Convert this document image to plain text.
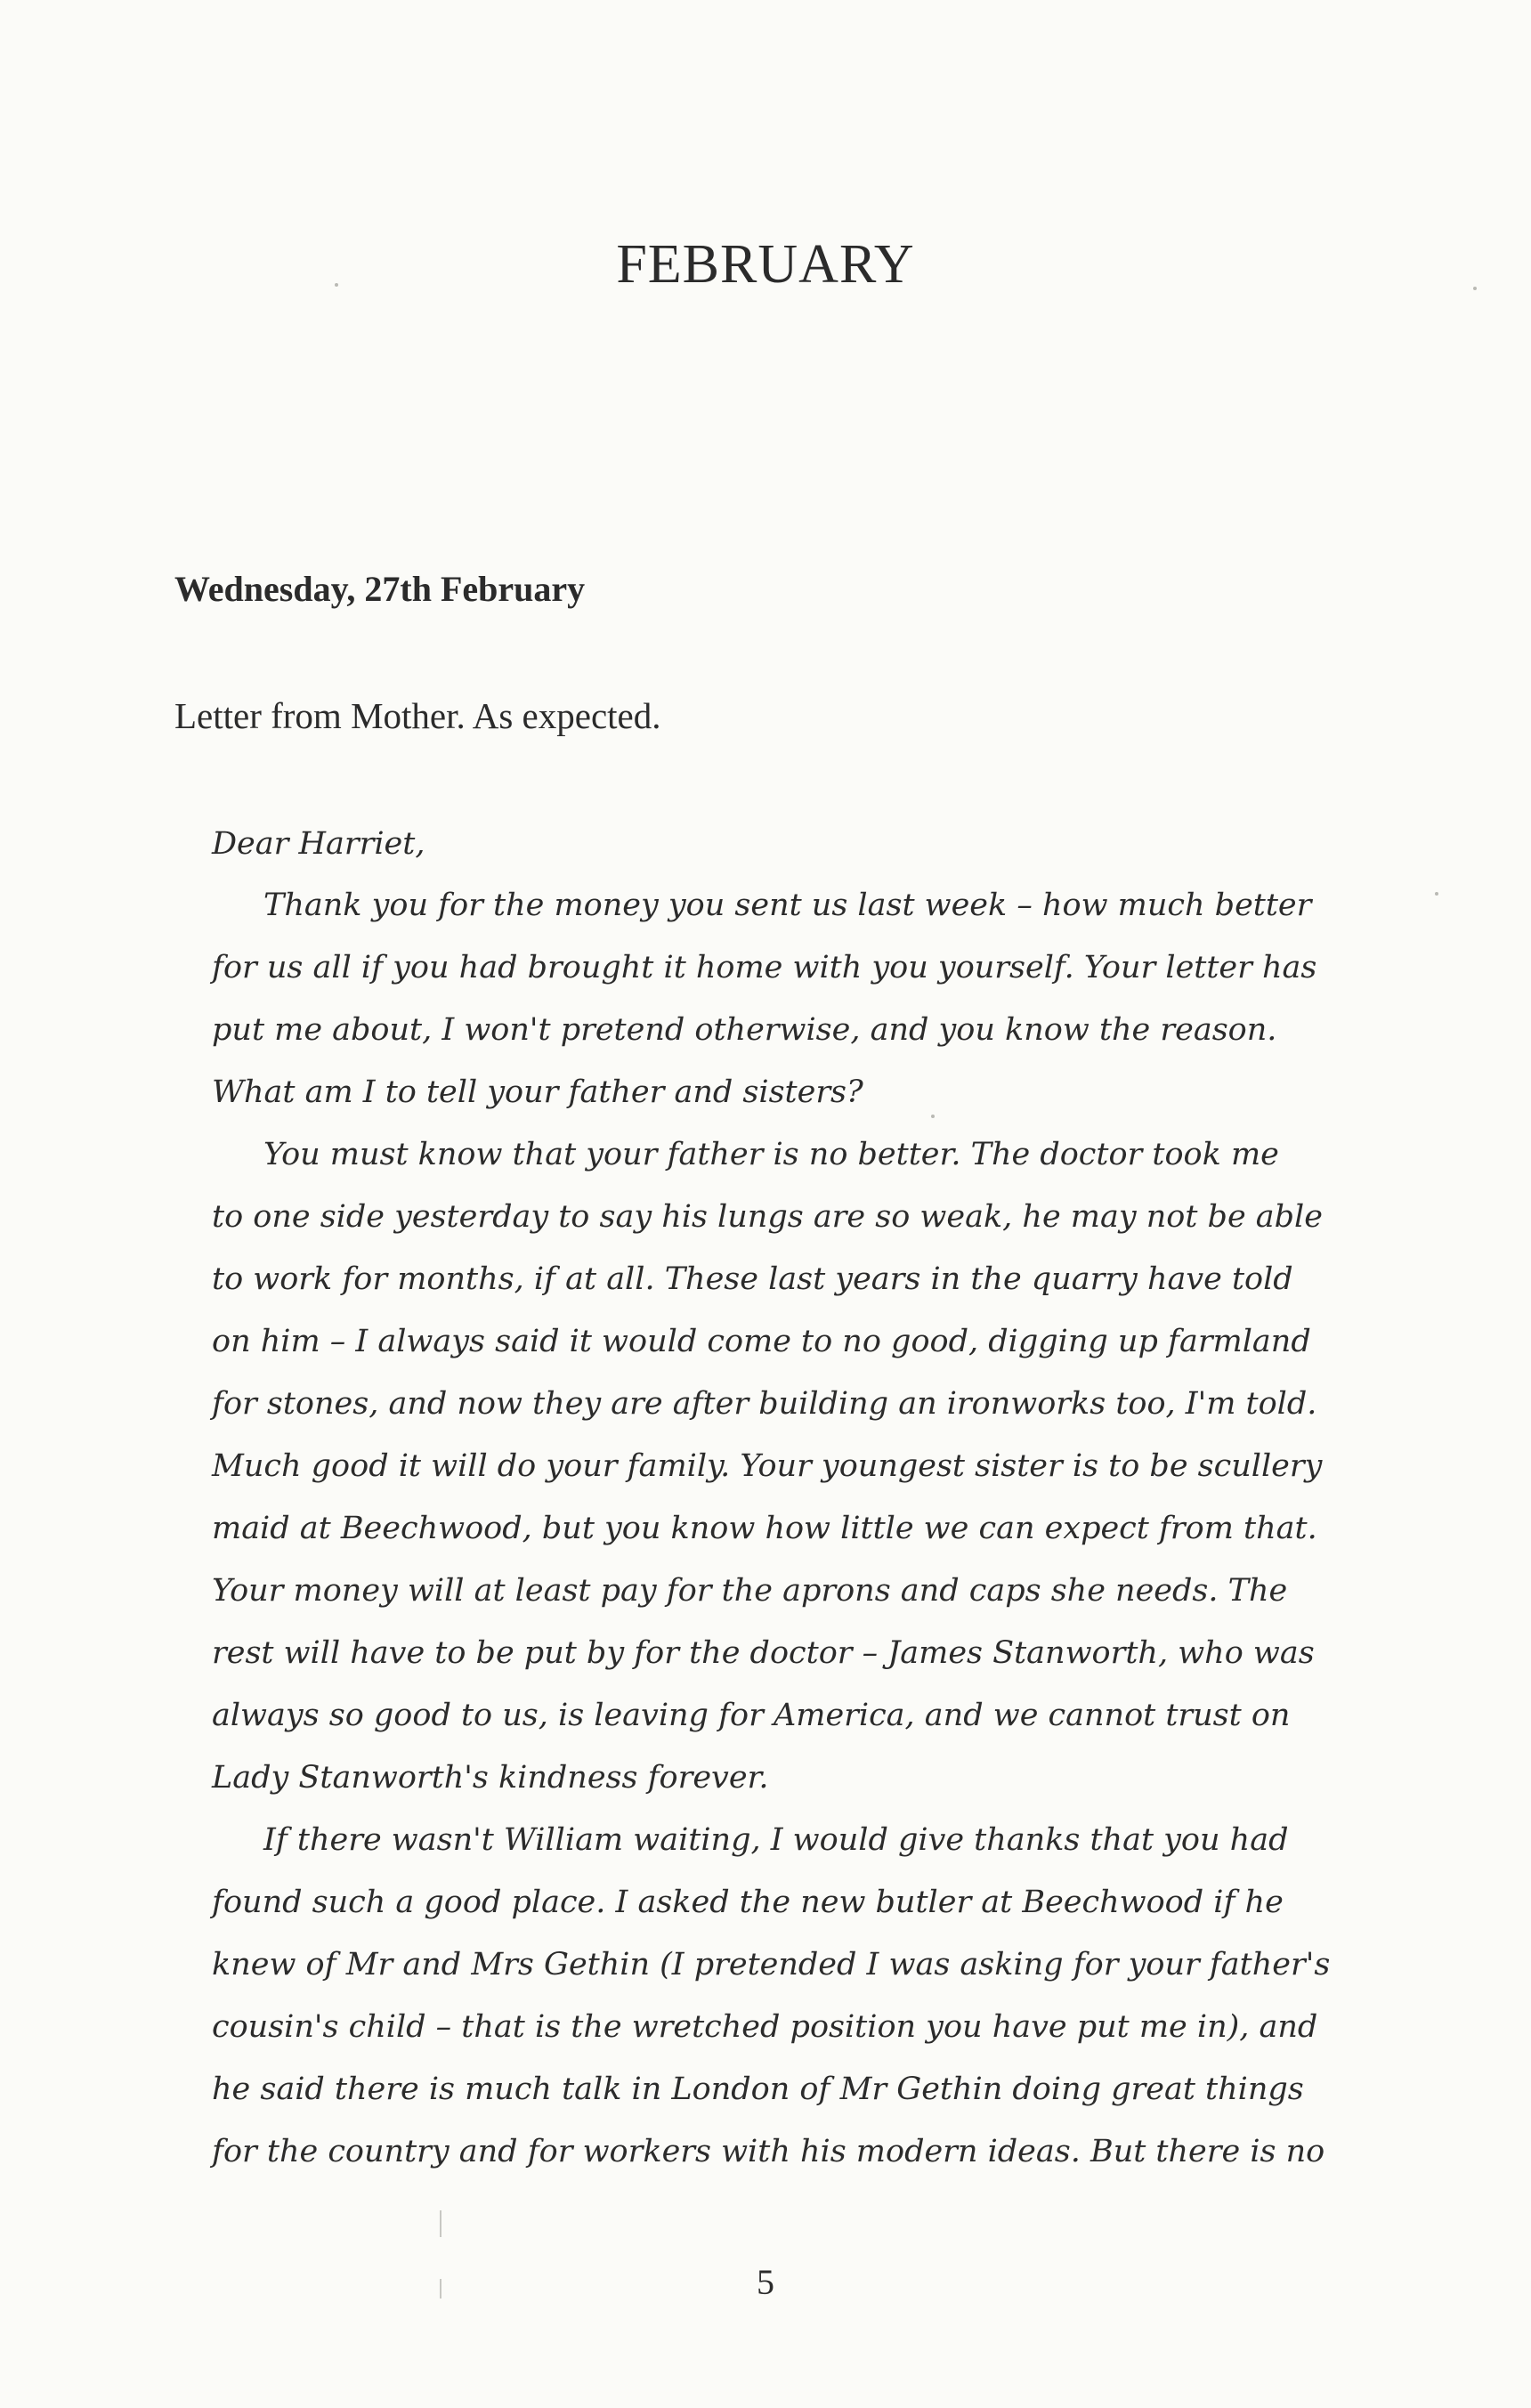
FEBRUARY
Wednesday, 27th February

Letter from Mother. As expected.

Dear Harriet,

Thank you for the money you sent us last week – how much better

for us all if you had brought it home with you yourself. Your letter has

put me about, I won't pretend otherwise, and you know the reason.

What am I to tell your father and sisters?

You must know that your father is no better. The doctor took me

to one side yesterday to say his lungs are so weak, he may not be able

to work for months, if at all. These last years in the quarry have told

on him – I always said it would come to no good, digging up farmland

for stones, and now they are after building an ironworks too, I'm told.

Much good it will do your family. Your youngest sister is to be scullery

maid at Beechwood, but you know how little we can expect from that.

Your money will at least pay for the aprons and caps she needs. The

rest will have to be put by for the doctor – James Stanworth, who was

always so good to us, is leaving for America, and we cannot trust on

Lady Stanworth's kindness forever.

If there wasn't William waiting, I would give thanks that you had

found such a good place. I asked the new butler at Beechwood if he

knew of Mr and Mrs Gethin (I pretended I was asking for your father's

cousin's child – that is the wretched position you have put me in), and

he said there is much talk in London of Mr Gethin doing great things

for the country and for workers with his modern ideas. But there is no

5
